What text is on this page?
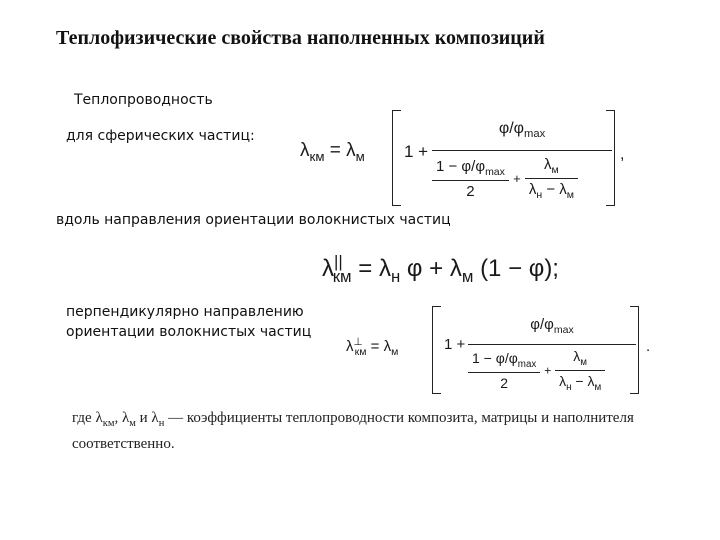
Теплофизические свойства наполненных композиций
Теплопроводность
для сферических частиц:
$\lambda_{км} = \lambda_м$ 1 +
$\varphi/\varphi_{max}$
$\frac{1 - \varphi/\varphi_{max}}{2} + \frac{\lambda_м}{\lambda_н - \lambda_м}$
,
вдоль направления ориентации волокнистых частиц
$\lambda^{||}_{км} = \lambda_н$ $\varphi + \lambda_м$ (1 − φ);
перпендикулярно направлению
ориентации волокнистых частиц
$\lambda^\perp_{км} = \lambda_м$	1 +
$\varphi/\varphi_{max}$
$\frac{1 - \varphi/\varphi_{max}}{2} + \frac{\lambda_м}{\lambda_н - \lambda_м}$
.
где $\lambda_{км}$, $\lambda_м$ и $\lambda_н$ — коэффициенты теплопроводности композита, матрицы и наполнителя соответственно.
